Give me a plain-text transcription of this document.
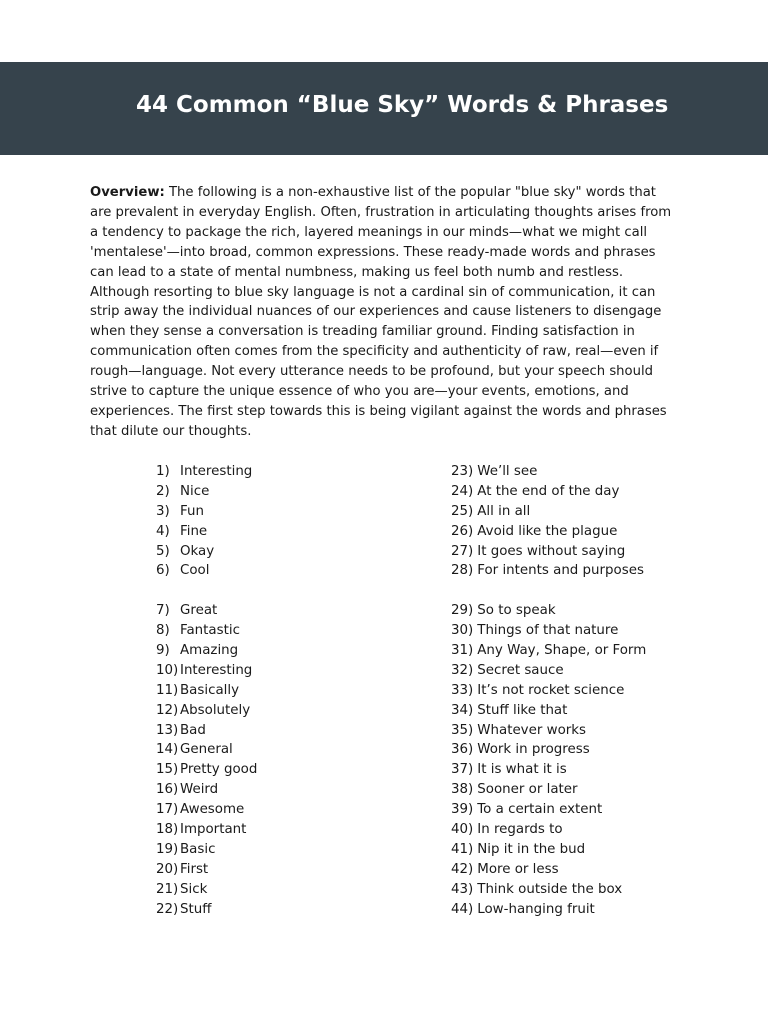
44 Common “Blue Sky” Words & Phrases

Overview: The following is a non-exhaustive list of the popular "blue sky" words that are prevalent in everyday English. Often, frustration in articulating thoughts arises from a tendency to package the rich, layered meanings in our minds—what we might call 'mentalese'—into broad, common expressions. These ready-made words and phrases can lead to a state of mental numbness, making us feel both numb and restless. Although resorting to blue sky language is not a cardinal sin of communication, it can strip away the individual nuances of our experiences and cause listeners to disengage when they sense a conversation is treading familiar ground. Finding satisfaction in communication often comes from the specificity and authenticity of raw, real—even if rough—language. Not every utterance needs to be profound, but your speech should strive to capture the unique essence of who you are—your events, emotions, and experiences. The first step towards this is being vigilant against the words and phrases that dilute our thoughts.

1) Interesting
2) Nice
3) Fun
4) Fine
5) Okay
6) Cool
7) Great
8) Fantastic
9) Amazing
10) Interesting
11) Basically
12) Absolutely
13) Bad
14) General
15) Pretty good
16) Weird
17) Awesome
18) Important
19) Basic
20) First
21) Sick
22) Stuff
23) We’ll see
24) At the end of the day
25) All in all
26) Avoid like the plague
27) It goes without saying
28) For intents and purposes
29) So to speak
30) Things of that nature
31) Any Way, Shape, or Form
32) Secret sauce
33) It’s not rocket science
34) Stuff like that
35) Whatever works
36) Work in progress
37) It is what it is
38) Sooner or later
39) To a certain extent
40) In regards to
41) Nip it in the bud
42) More or less
43) Think outside the box
44) Low-hanging fruit
